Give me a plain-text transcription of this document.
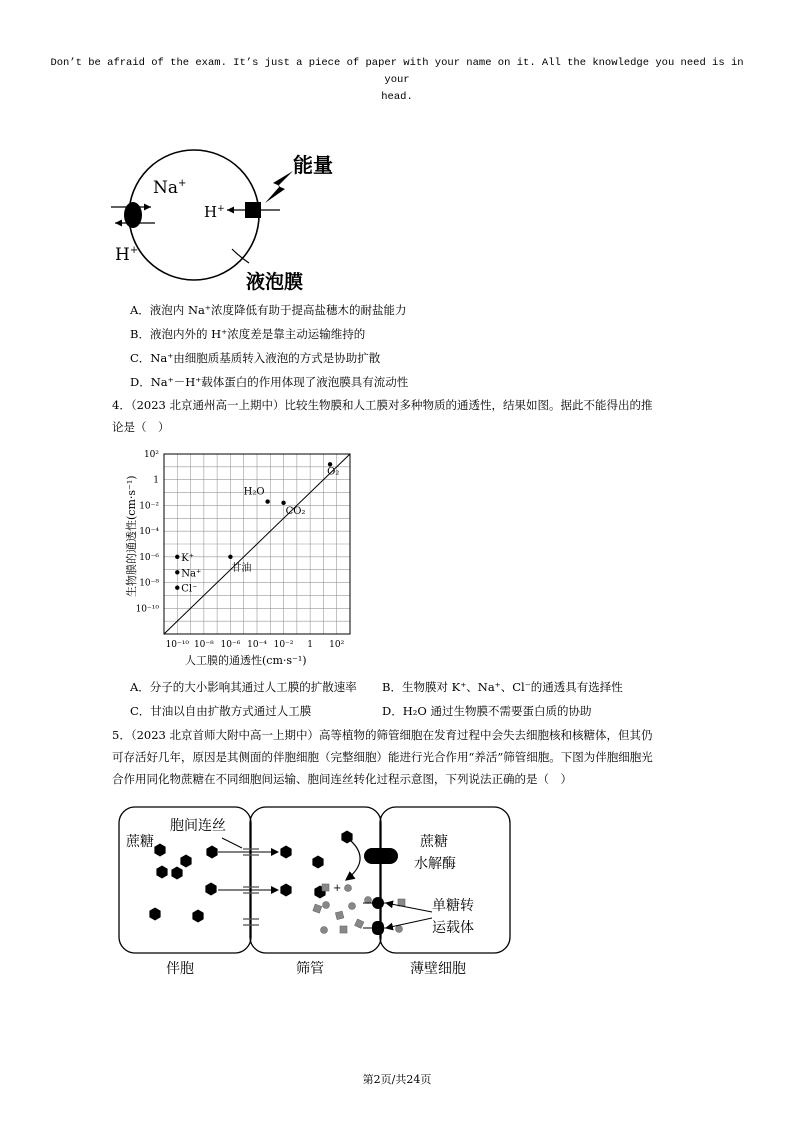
Don’t be afraid of the exam. It’s just a piece of paper with your name on it. All the knowledge you need is in your
head.
Na+
H+
H+
能量
液泡膜
A．液泡内 Na⁺浓度降低有助于提高盐穗木的耐盐能力
B．液泡内外的 H⁺浓度差是靠主动运输维持的
C．Na⁺由细胞质基质转入液泡的方式是协助扩散
D．Na⁺－H⁺载体蛋白的作用体现了液泡膜具有流动性
4．（2023 北京通州高一上期中）比较生物膜和人工膜对多种物质的通透性，结果如图。据此不能得出的推
论是（　）
10⁻¹⁰ 10⁻⁸ 10⁻⁶ 10⁻⁴ 10⁻² 1 10²
10²
1
10⁻²
10⁻⁴
10⁻⁶
10⁻⁸
10⁻¹⁰
O₂
H₂O
CO₂
甘油
K⁺
Na⁺
Cl⁻
人工膜的通透性(cm·s⁻¹)
生物膜的通透性(cm·s⁻¹)
A．分子的大小影响其通过人工膜的扩散速率 B．生物膜对 K⁺、Na⁺、Cl⁻的通透具有选择性
C．甘油以自由扩散方式通过人工膜	D．H₂O 通过生物膜不需要蛋白质的协助
5．（2023 北京首师大附中高一上期中）高等植物的筛管细胞在发育过程中会失去细胞核和核糖体，但其仍
可存活好几年，原因是其侧面的伴胞细胞（完整细胞）能进行光合作用“养活”筛管细胞。下图为伴胞细胞光
合作用同化物蔗糖在不同细胞间运输、胞间连丝转化过程示意图，下列说法正确的是（　）
+
蔗糖
胞间连丝
蔗糖
水解酶
单糖转
运载体
伴胞	筛管	薄壁细胞
第2页/共24页
